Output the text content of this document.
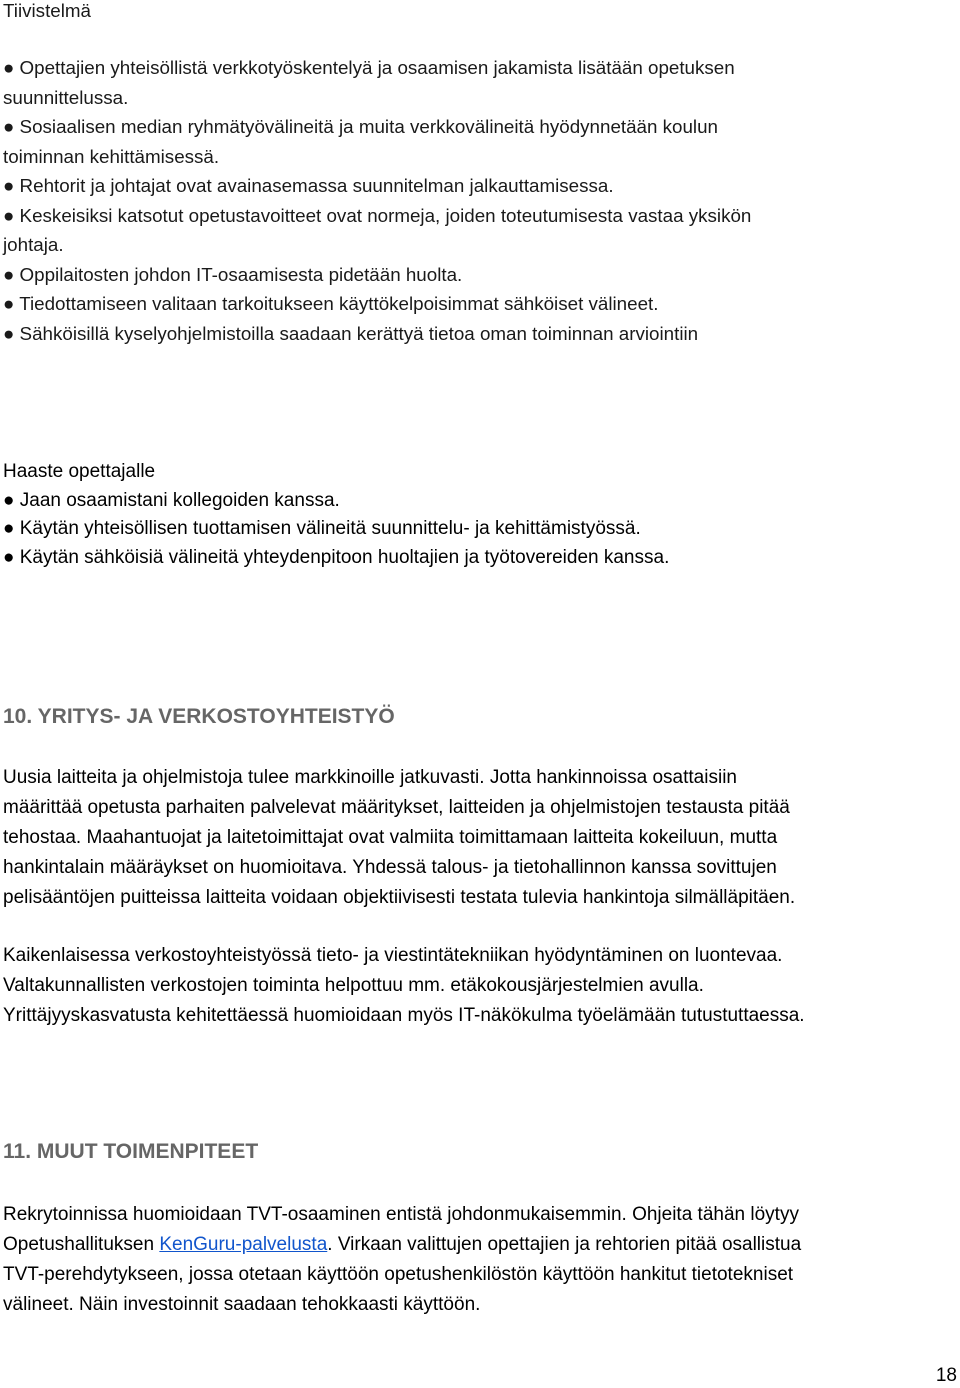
Tiivistelmä
● Opettajien yhteisöllistä verkkotyöskentelyä ja osaamisen jakamista lisätään opetuksen
suunnittelussa.
● Sosiaalisen median ryhmätyövälineitä ja muita verkkovälineitä hyödynnetään koulun
toiminnan kehittämisessä.
● Rehtorit ja johtajat ovat avainasemassa suunnitelman jalkauttamisessa.
● Keskeisiksi katsotut opetustavoitteet ovat normeja, joiden toteutumisesta vastaa yksikön
johtaja.
● Oppilaitosten johdon IT-osaamisesta pidetään huolta.
● Tiedottamiseen valitaan tarkoitukseen käyttökelpoisimmat sähköiset välineet.
● Sähköisillä kyselyohjelmistoilla saadaan kerättyä tietoa oman toiminnan arviointiin
Haaste opettajalle
● Jaan osaamistani kollegoiden kanssa.
● Käytän yhteisöllisen tuottamisen välineitä suunnittelu- ja kehittämistyössä.
● Käytän sähköisiä välineitä yhteydenpitoon huoltajien ja työtovereiden kanssa.
10. YRITYS- JA VERKOSTOYHTEISTYÖ
Uusia laitteita ja ohjelmistoja tulee markkinoille jatkuvasti. Jotta hankinnoissa osattaisiin
määrittää opetusta parhaiten palvelevat määritykset, laitteiden ja ohjelmistojen testausta pitää
tehostaa. Maahantuojat ja laitetoimittajat ovat valmiita toimittamaan laitteita kokeiluun, mutta
hankintalain määräykset on huomioitava. Yhdessä talous- ja tietohallinnon kanssa sovittujen
pelisääntöjen puitteissa laitteita voidaan objektiivisesti testata tulevia hankintoja silmälläpitäen.
Kaikenlaisessa verkostoyhteistyössä tieto- ja viestintätekniikan hyödyntäminen on luontevaa.
Valtakunnallisten verkostojen toiminta helpottuu mm. etäkokousjärjestelmien avulla.
Yrittäjyyskasvatusta kehitettäessä huomioidaan myös IT-näkökulma työelämään tutustuttaessa.
11. MUUT TOIMENPITEET
Rekrytoinnissa huomioidaan TVT-osaaminen entistä johdonmukaisemmin. Ohjeita tähän löytyy
Opetushallituksen KenGuru-palvelusta. Virkaan valittujen opettajien ja rehtorien pitää osallistua
TVT-perehdytykseen, jossa otetaan käyttöön opetushenkilöstön käyttöön hankitut tietotekniset
välineet. Näin investoinnit saadaan tehokkaasti käyttöön.
18
